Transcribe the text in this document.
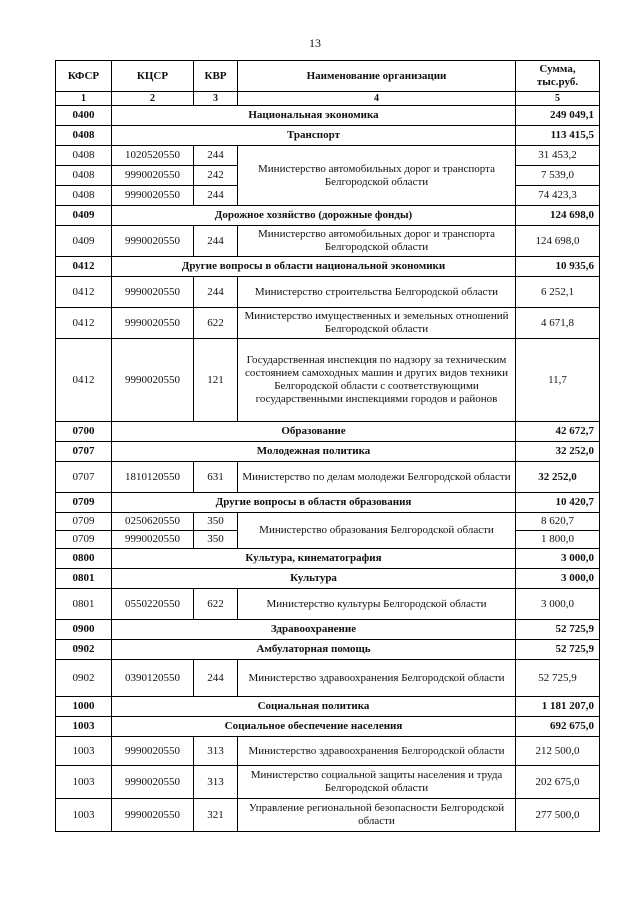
13
КФСР	КЦСР	КВР	Наименование организации	Сумма,
тыс.руб.
1	2	3	4	5
0400	Национальная экономика			249 049,1
0408	Транспорт			113 415,5
0408	1020520550	244	Министерство автомобильных дорог и транспорта Белгородской области	31 453,2
0408	9990020550	242		7 539,0
0408	9990020550	244		74 423,3
0409	Дорожное хозяйство (дорожные фонды)			124 698,0
0409	9990020550	244	Министерство автомобильных дорог и транспорта Белгородской области	124 698,0
0412	Другие вопросы в области национальной экономики			10 935,6
0412	9990020550	244	Министерство строительства Белгородской области	6 252,1
0412	9990020550	622	Министерство имущественных и земельных отношений Белгородской области	4 671,8
0412	9990020550	121	Государственная инспекция по надзору за техническим состоянием самоходных машин и других видов техники Белгородской области с соответствующими государственными инспекциями городов и районов	11,7
0700	Образование			42 672,7
0707	Молодежная политика			32 252,0
0707	1810120550	631	Министерство по делам молодежи Белгородской области	32 252,0
0709	Другие вопросы в областя образования			10 420,7
0709	0250620550	350	Министерство образования Белгородской области	8 620,7
0709	9990020550	350		1 800,0
0800	Культура, кинематография			3 000,0
0801	Культура			3 000,0
0801	0550220550	622	Министерство культуры Белгородской области	3 000,0
0900	Здравоохранение			52 725,9
0902	Амбулаторная помощь			52 725,9
0902	0390120550	244	Министерство здравоохранения Белгородской области	52 725,9
1000	Социальная политика			1 181 207,0
1003	Социальное обеспечение населения			692 675,0
1003	9990020550	313	Министерство здравоохранения Белгородской области	212 500,0
1003	9990020550	313	Министерство социальной защиты населения и труда Белгородской области	202 675,0
1003	9990020550	321	Управление региональной безопасности Белгородской области	277 500,0
